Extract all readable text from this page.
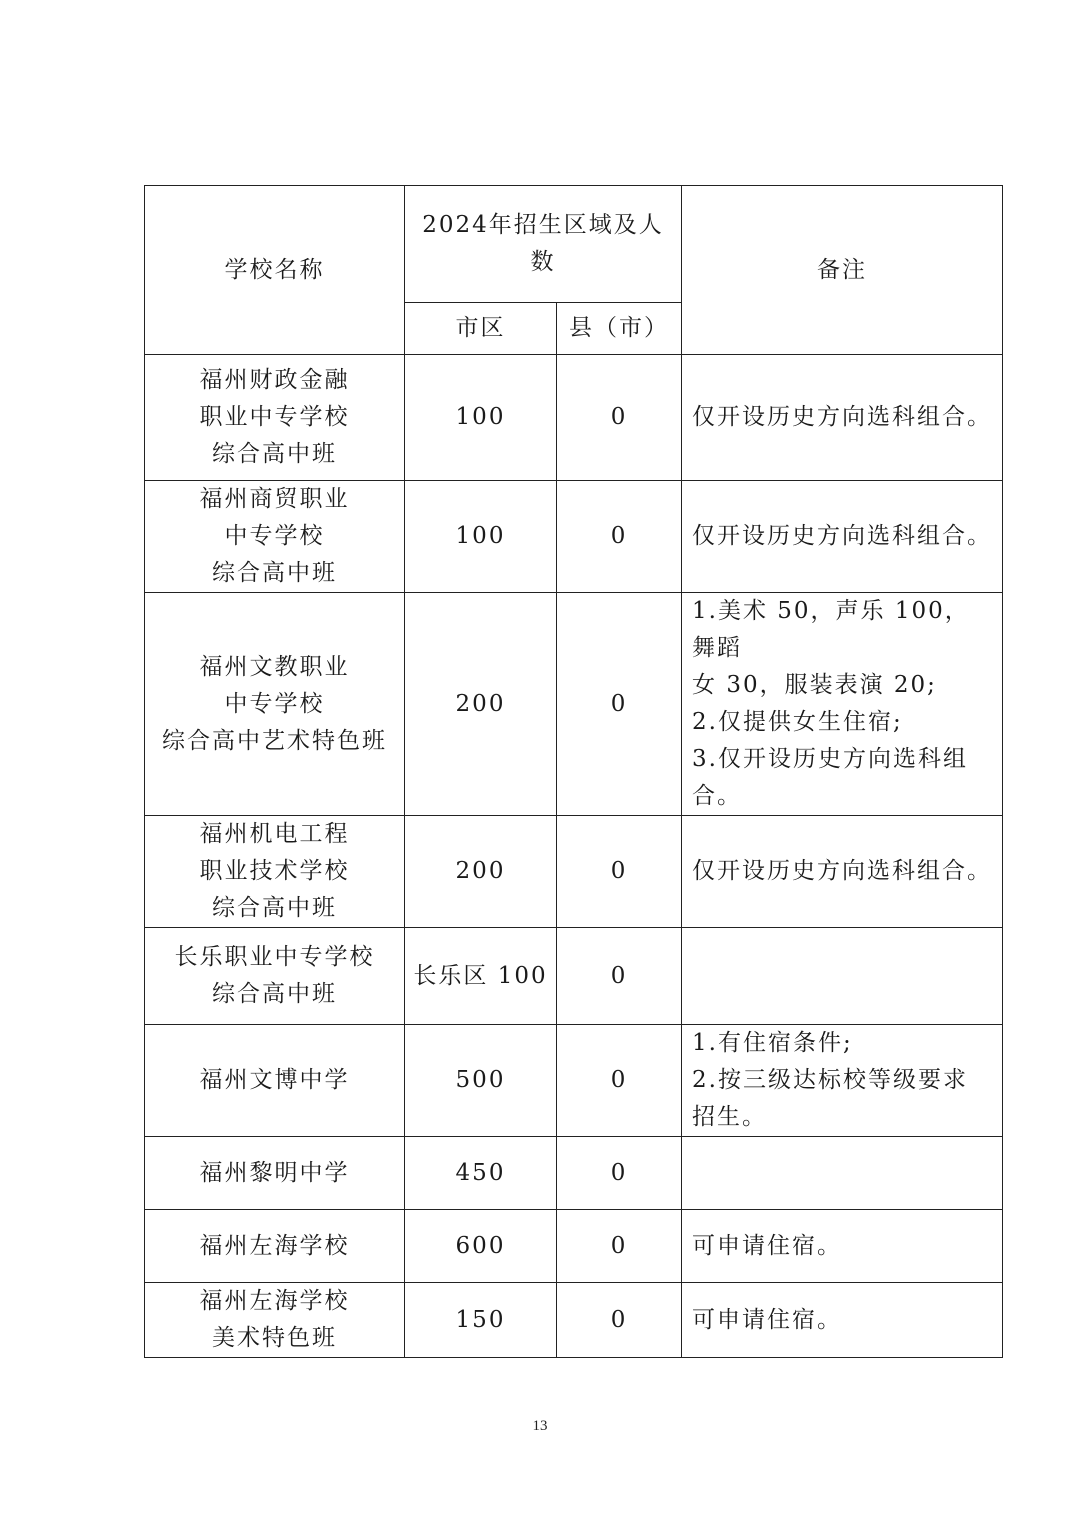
学校名称	2024年招生区域及人数		备注
	市区	县（市）	

福州财政金融
职业中专学校
综合高中班	100	0	仅开设历史方向选科组合。

福州商贸职业
中专学校
综合高中班	100	0	仅开设历史方向选科组合。

福州文教职业
中专学校
综合高中艺术特色班	200	0	1.美术 50，声乐 100，舞蹈
女 30，服装表演 20;
2.仅提供女生住宿;
3.仅开设历史方向选科组
合。

福州机电工程
职业技术学校
综合高中班	200	0	仅开设历史方向选科组合。

长乐职业中专学校
综合高中班	长乐区 100	0	

福州文博中学	500	0	1.有住宿条件;
2.按三级达标校等级要求
招生。

福州黎明中学	450	0	

福州左海学校	600	0	可申请住宿。

福州左海学校
美术特色班	150	0	可申请住宿。
13
